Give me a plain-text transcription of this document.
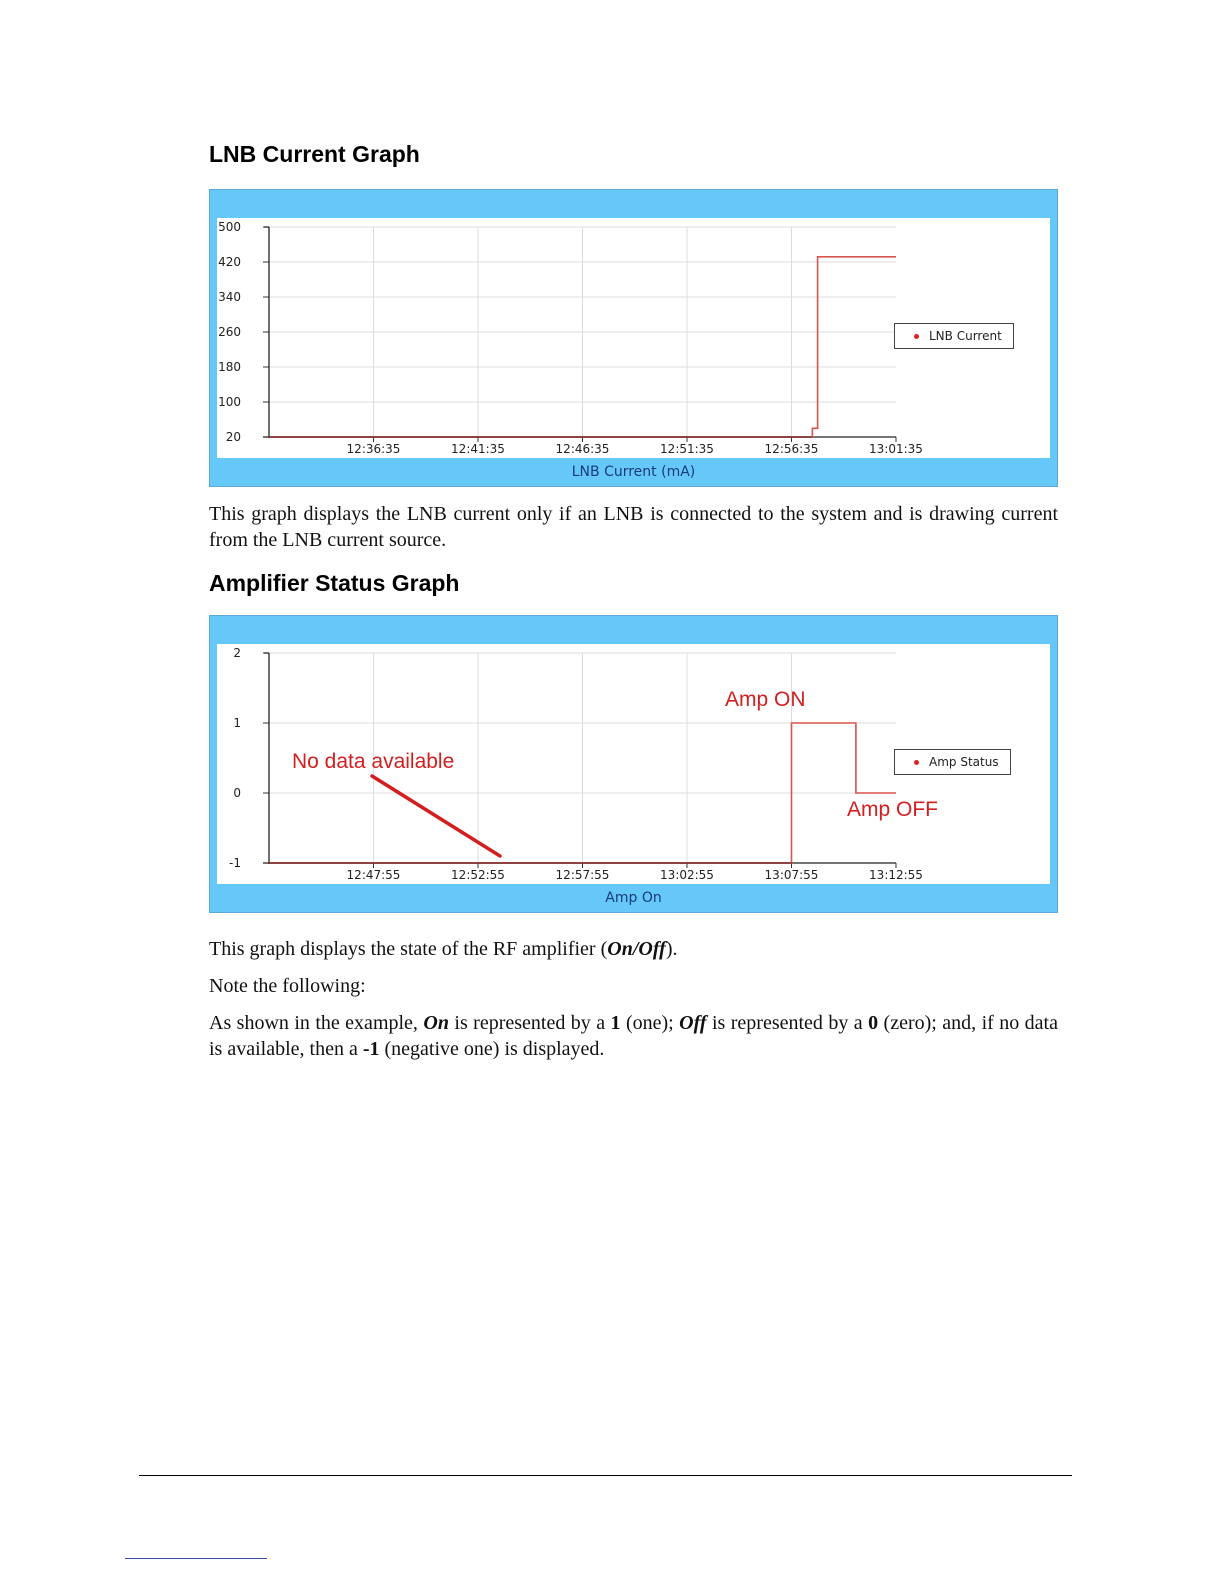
LNB Current Graph
20
100
180
260
340
420
500
12:36:35	12:41:35	12:46:35	12:51:35	12:56:35	13:01:35
LNB Current
LNB Current (mA)

This graph displays the LNB current only if an LNB is connected to the system and is drawing current from the LNB current source.

Amplifier Status Graph
-1
0
1
2
12:47:55	12:52:55	12:57:55	13:02:55	13:07:55	13:12:55
Amp Status
No data available
Amp ON
Amp OFF
Amp On

This graph displays the state of the RF amplifier (On/Off).

Note the following:

As shown in the example, On is represented by a 1 (one); Off is represented by a 0 (zero); and, if no data is available, then a -1 (negative one) is displayed.
